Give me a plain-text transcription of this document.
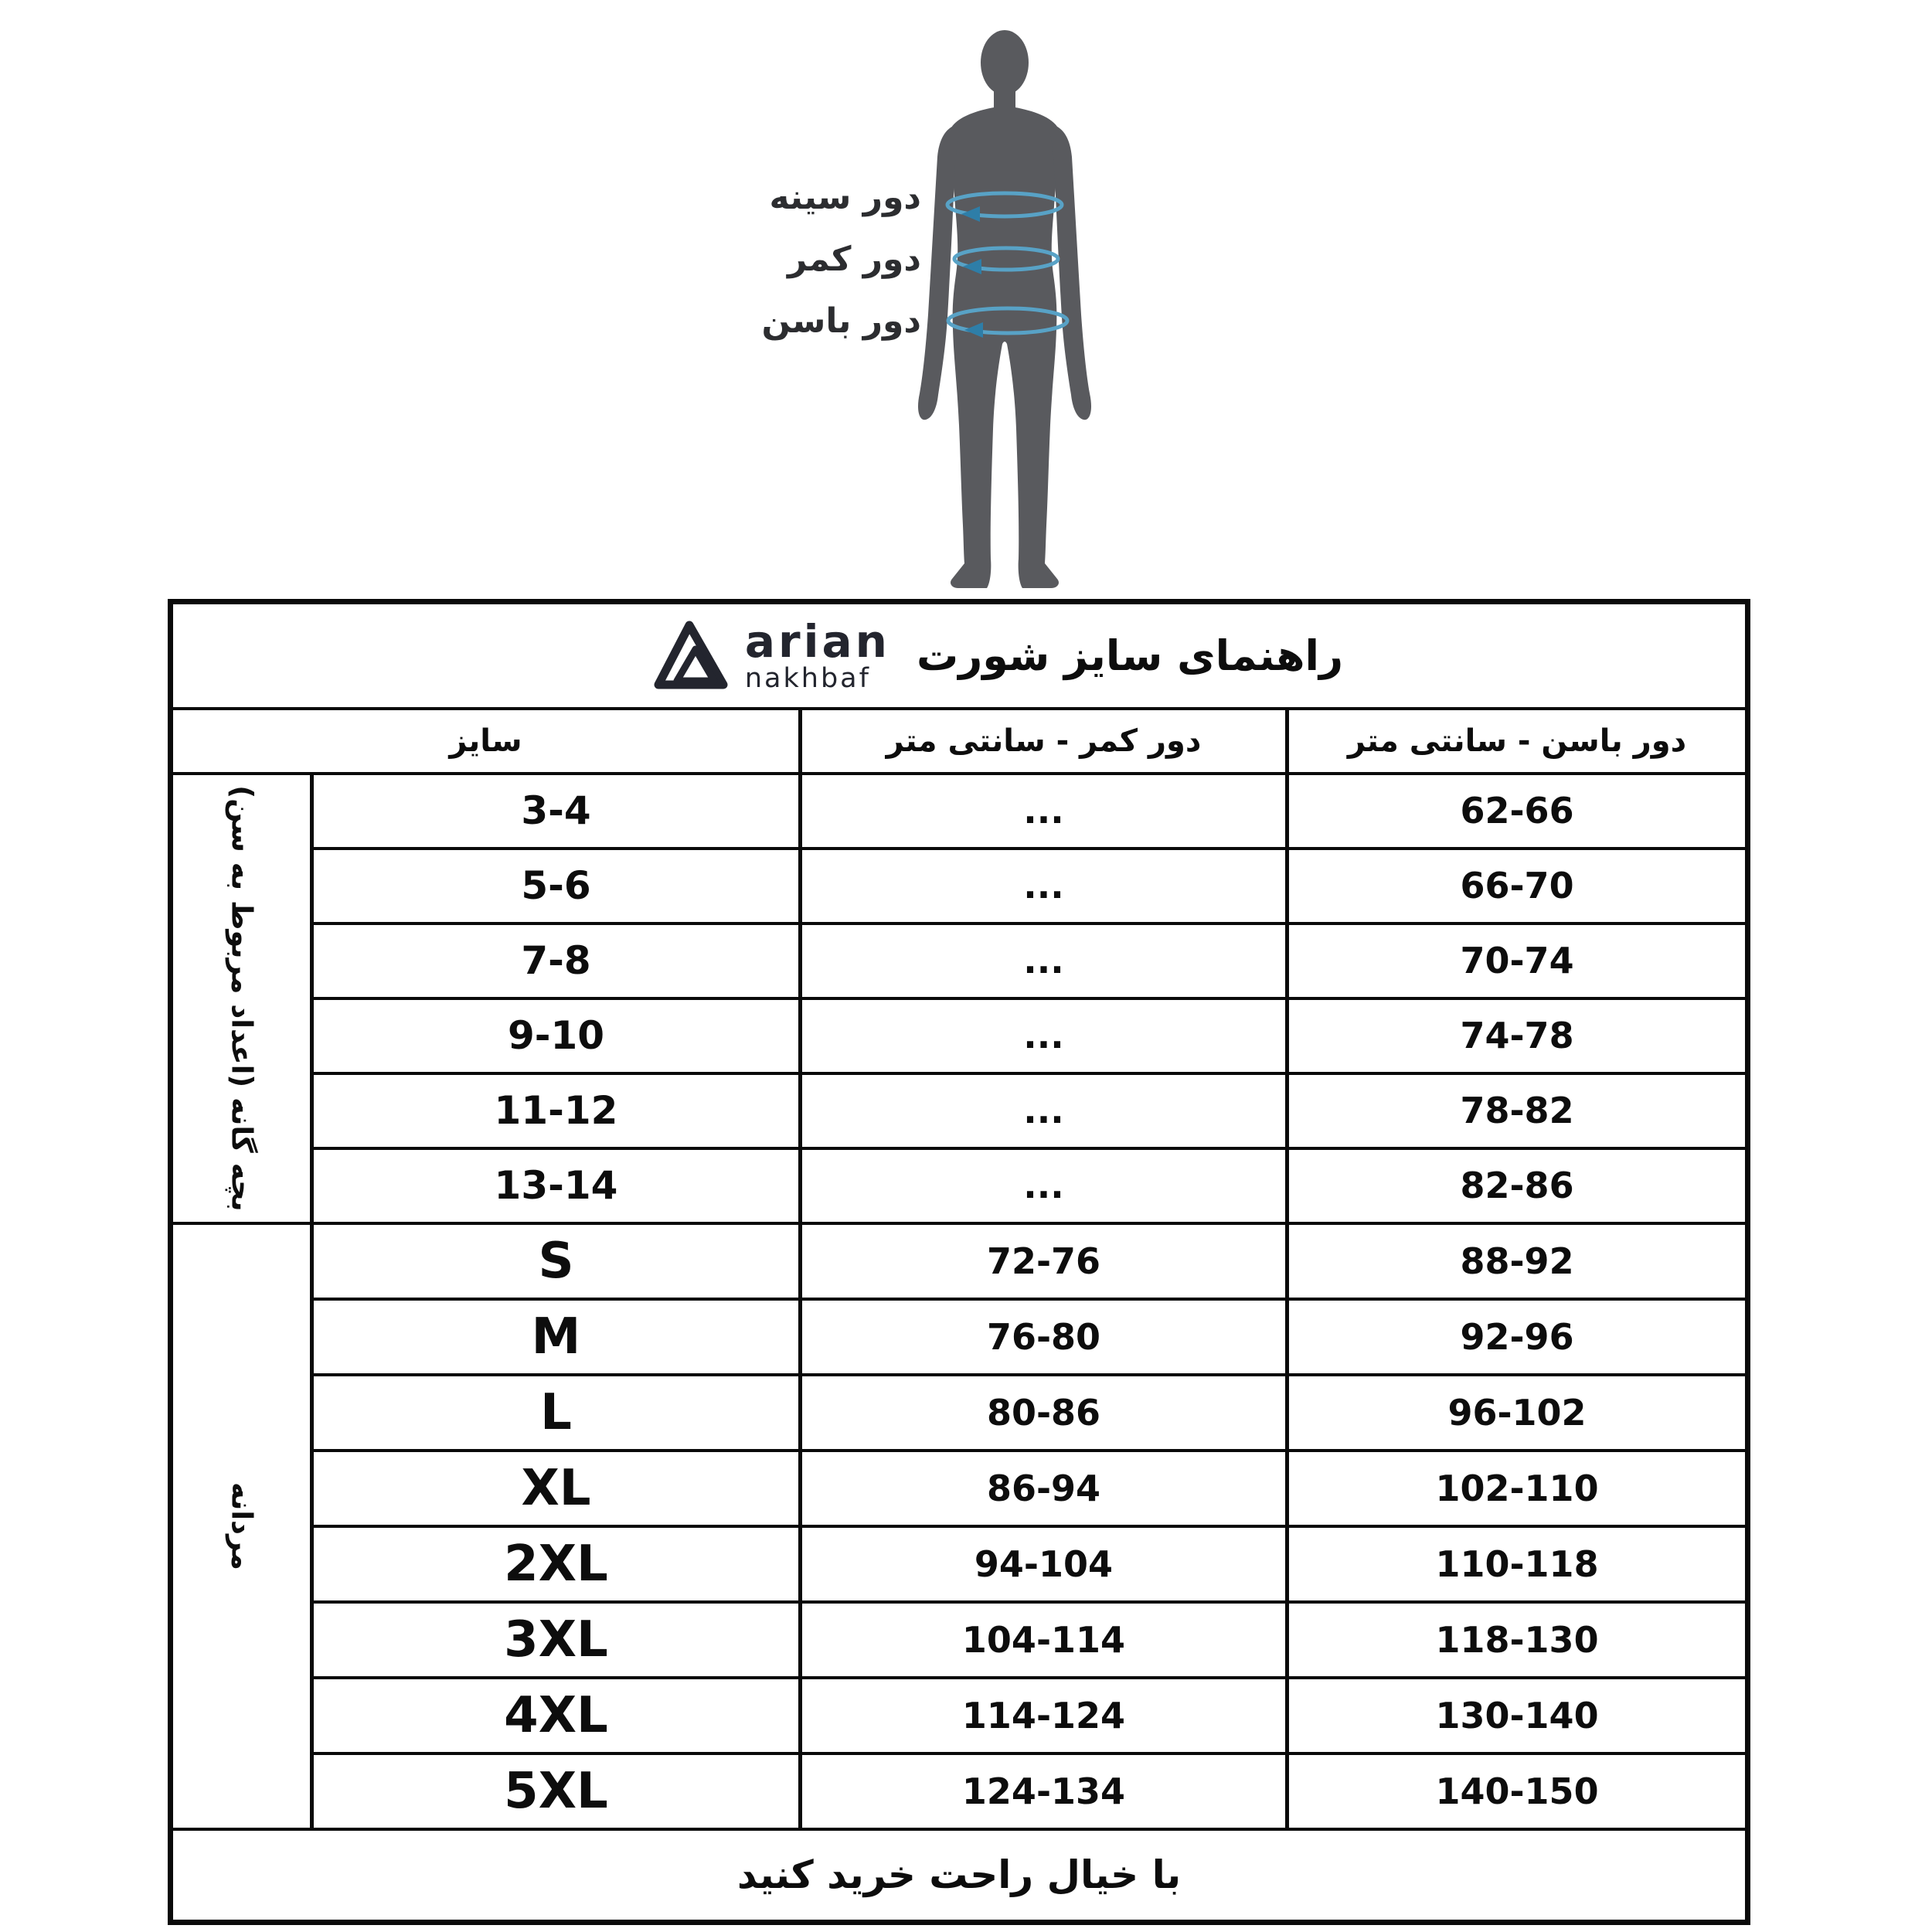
دور سینه
دور کمر
دور باسن
arian
nakhbaf راهنمای سایز شورت			

سایز		دور کمر - سانتی متر	دور باسن - سانتی متر

بچه گانه (اعداد مربوط به سن)	3-4	...	62-66
	5-6	...	66-70
	7-8	...	70-74
	9-10	...	74-78
	11-12	...	78-82
	13-14	...	82-86

مردانه	S	72-76	88-92
	M	76-80	92-96
	L	80-86	96-102
	XL	86-94	102-110
	2XL	94-104	110-118
	3XL	104-114	118-130
	4XL	114-124	130-140
	5XL	124-134	140-150
با خیال راحت خرید کنید			
